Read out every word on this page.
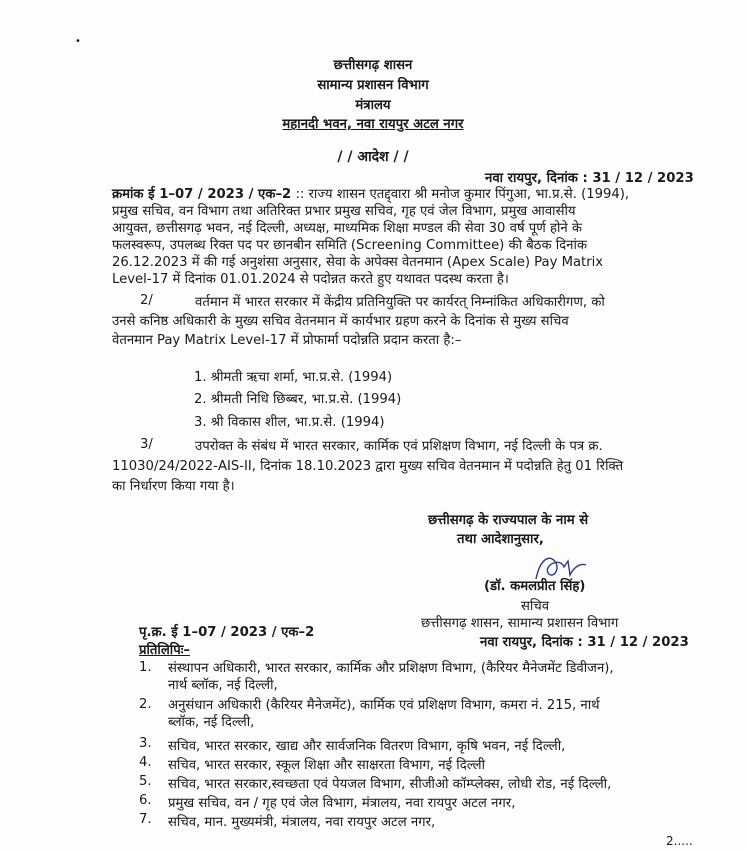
•
छत्तीसगढ़ शासन
सामान्य प्रशासन विभाग
मंत्रालय
महानदी भवन, नवा रायपुर अटल नगर
/ / आदेश / /
नवा रायपुर, दिनांक : 31 / 12 / 2023
क्रमांक ई 1–07 / 2023 / एक–2 :: राज्य शासन एतद्द्वारा श्री मनोज कुमार पिंगुआ, भा.प्र.से. (1994),
प्रमुख सचिव, वन विभाग तथा अतिरिक्त प्रभार प्रमुख सचिव, गृह एवं जेल विभाग, प्रमुख आवासीय
आयुक्त, छत्तीसगढ़ भवन, नई दिल्ली, अध्यक्ष, माध्यमिक शिक्षा मण्डल की सेवा 30 वर्ष पूर्ण होने के
फलस्वरूप, उपलब्ध रिक्त पद पर छानबीन समिति (Screening Committee) की बैठक दिनांक
26.12.2023 में की गई अनुशंसा अनुसार, सेवा के अपेक्स वेतनमान (Apex Scale) Pay Matrix
Level-17 में दिनांक 01.01.2024 से पदोन्नत करते हुए यथावत पदस्थ करता है।
2/	वर्तमान में भारत सरकार में केंद्रीय प्रतिनियुक्ति पर कार्यरत् निम्नांकित अधिकारीगण, को
उनसे कनिष्ठ अधिकारी के मुख्य सचिव वेतनमान में कार्यभार ग्रहण करने के दिनांक से मुख्य सचिव
वेतनमान Pay Matrix Level-17 में प्रोफार्मा पदोन्नति प्रदान करता है:–
1. श्रीमती ऋचा शर्मा, भा.प्र.से. (1994)
2. श्रीमती निधि छिब्बर, भा.प्र.से. (1994)
3. श्री विकास शील, भा.प्र.से. (1994)
3/	उपरोक्त के संबंध में भारत सरकार, कार्मिक एवं प्रशिक्षण विभाग, नई दिल्ली के पत्र क्र.
11030/24/2022-AIS-II, दिनांक 18.10.2023 द्वारा मुख्य सचिव वेतनमान में पदोन्नति हेतु 01 रिक्ति
का निर्धारण किया गया है।
छत्तीसगढ़ के राज्यपाल के नाम से
तथा आदेशानुसार,
(डॉ. कमलप्रीत सिंह)
सचिव
छत्तीसगढ़ शासन, सामान्य प्रशासन विभाग
नवा रायपुर, दिनांक : 31 / 12 / 2023
पृ.क्र. ई 1–07 / 2023 / एक–2
प्रतिलिपिः–
1. संस्थापन अधिकारी, भारत सरकार, कार्मिक और प्रशिक्षण विभाग, (कैरियर मैनेजमेंट डिवीजन),
नार्थ ब्लॉक, नई दिल्ली,
2. अनुसंधान अधिकारी (कैरियर मैनेजमेंट), कार्मिक एवं प्रशिक्षण विभाग, कमरा नं. 215, नार्थ
ब्लॉक, नई दिल्ली,
3. सचिव, भारत सरकार, खाद्य और सार्वजनिक वितरण विभाग, कृषि भवन, नई दिल्ली,
4. सचिव, भारत सरकार, स्कूल शिक्षा और साक्षरता विभाग, नई दिल्ली
5. सचिव, भारत सरकार,स्वच्छता एवं पेयजल विभाग, सीजीओ कॉम्प्लेक्स, लोधी रोड, नई दिल्ली,
6. प्रमुख सचिव, वन / गृह एवं जेल विभाग, मंत्रालय, नवा रायपुर अटल नगर,
7. सचिव, मान. मुख्यमंत्री, मंत्रालय, नवा रायपुर अटल नगर,
2.....
